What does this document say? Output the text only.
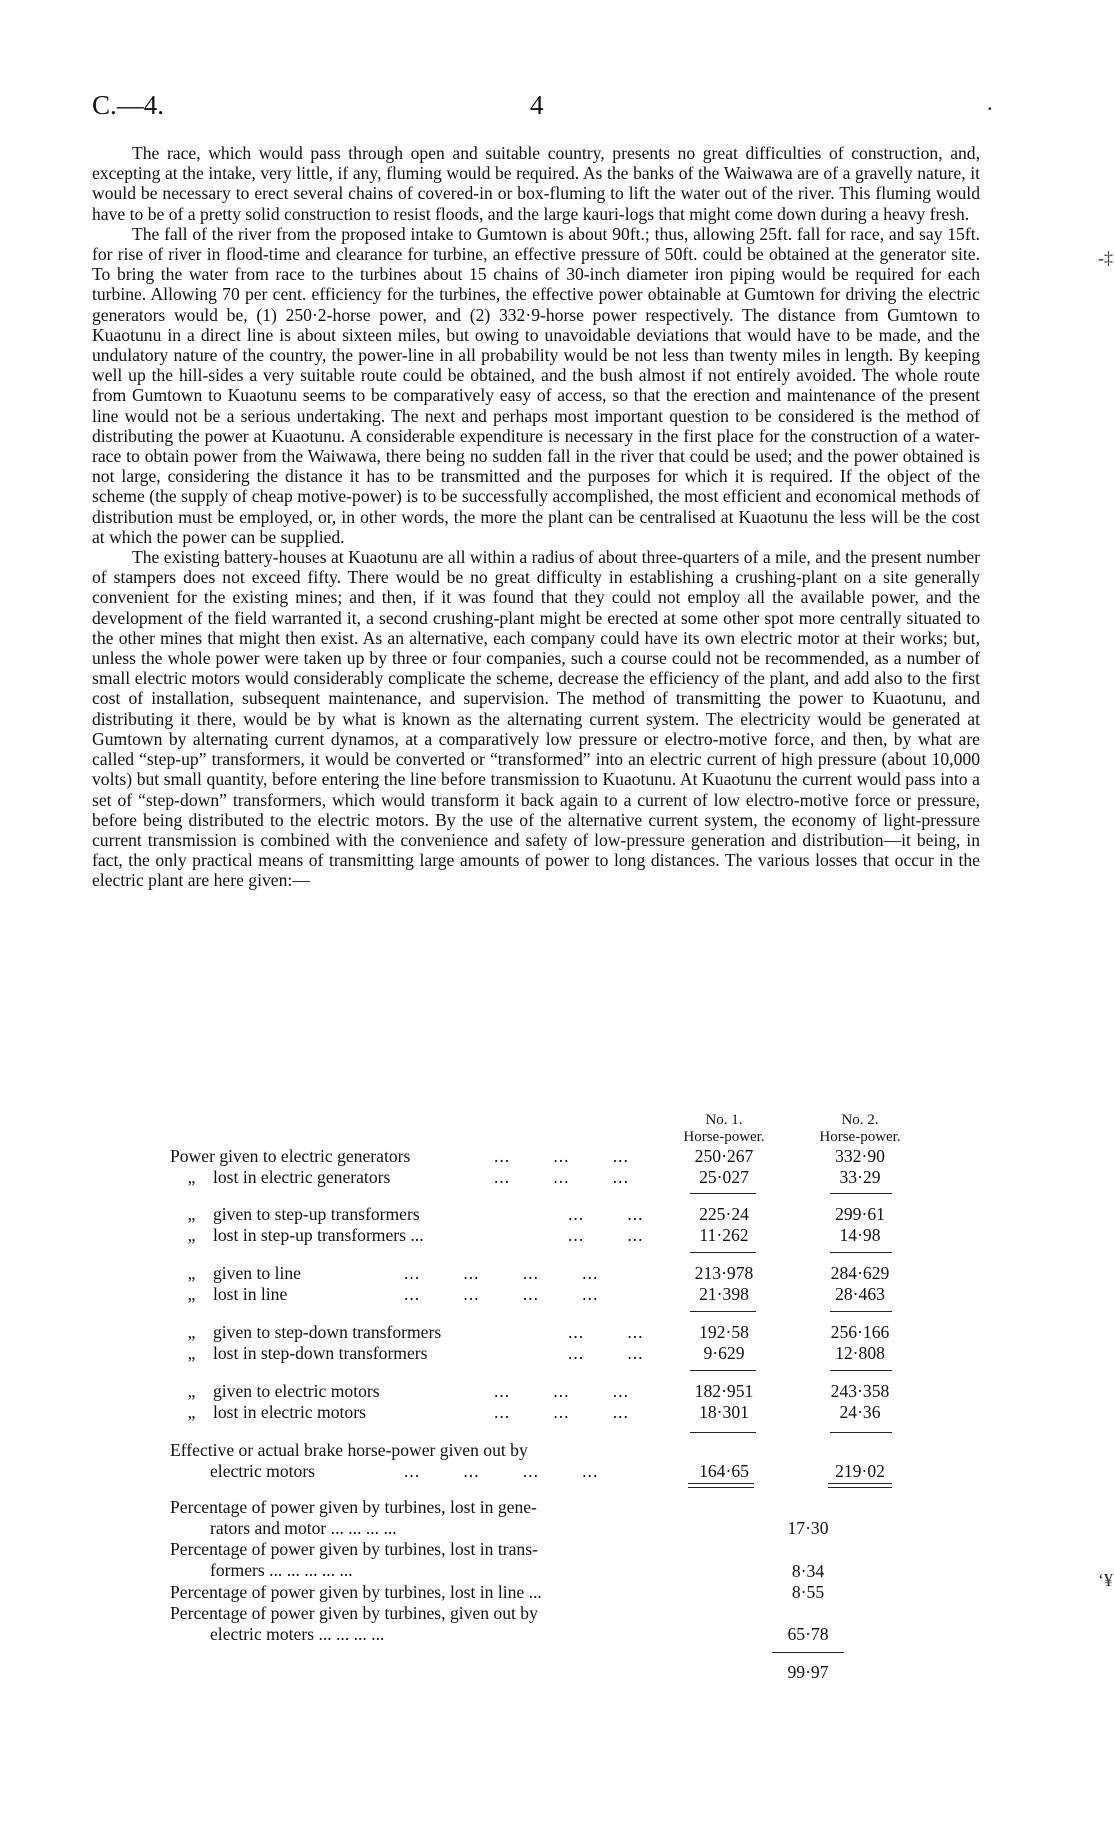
C.—4.	4	.

The race, which would pass through open and suitable country, presents no great difficulties of construction, and, excepting at the intake, very little, if any, fluming would be required. As the banks of the Waiwawa are of a gravelly nature, it would be necessary to erect several chains of covered-in or box-fluming to lift the water out of the river. This fluming would have to be of a pretty solid construction to resist floods, and the large kauri-logs that might come down during a heavy fresh.

The fall of the river from the proposed intake to Gumtown is about 90ft.; thus, allowing 25ft. fall for race, and say 15ft. for rise of river in flood-time and clearance for turbine, an effective pressure of 50ft. could be obtained at the generator site. To bring the water from race to the turbines about 15 chains of 30-inch diameter iron piping would be required for each turbine. Allowing 70 per cent. efficiency for the turbines, the effective power obtainable at Gumtown for driving the electric generators would be, (1) 250·2-horse power, and (2) 332·9-horse power respectively. The distance from Gumtown to Kuaotunu in a direct line is about sixteen miles, but owing to unavoidable deviations that would have to be made, and the undulatory nature of the country, the power-line in all probability would be not less than twenty miles in length. By keeping well up the hill-sides a very suitable route could be obtained, and the bush almost if not entirely avoided. The whole route from Gumtown to Kuaotunu seems to be comparatively easy of access, so that the erection and maintenance of the present line would not be a serious undertaking. The next and perhaps most important question to be considered is the method of distributing the power at Kuaotunu. A considerable expenditure is necessary in the first place for the construction of a water-race to obtain power from the Waiwawa, there being no sudden fall in the river that could be used; and the power obtained is not large, considering the distance it has to be transmitted and the purposes for which it is required. If the object of the scheme (the supply of cheap motive-power) is to be successfully accomplished, the most efficient and economical methods of distribution must be employed, or, in other words, the more the plant can be centralised at Kuaotunu the less will be the cost at which the power can be supplied.

The existing battery-houses at Kuaotunu are all within a radius of about three-quarters of a mile, and the present number of stampers does not exceed fifty. There would be no great difficulty in establishing a crushing-plant on a site generally convenient for the existing mines; and then, if it was found that they could not employ all the available power, and the development of the field warranted it, a second crushing-plant might be erected at some other spot more centrally situated to the other mines that might then exist. As an alternative, each company could have its own electric motor at their works; but, unless the whole power were taken up by three or four companies, such a course could not be recommended, as a number of small electric motors would considerably complicate the scheme, decrease the efficiency of the plant, and add also to the first cost of installation, subsequent maintenance, and supervision. The method of transmitting the power to Kuaotunu, and distributing it there, would be by what is known as the alternating current system. The electricity would be generated at Gumtown by alternating current dynamos, at a comparatively low pressure or electro-motive force, and then, by what are called “step-up” transformers, it would be converted or “transformed” into an electric current of high pressure (about 10,000 volts) but small quantity, before entering the line before transmission to Kuaotunu. At Kuaotunu the current would pass into a set of “step-down” transformers, which would transform it back again to a current of low electro-motive force or pressure, before being distributed to the electric motors. By the use of the alternative current system, the economy of light-pressure current transmission is combined with the convenience and safety of low-pressure generation and distribution—it being, in fact, the only practical means of transmitting large amounts of power to long distances. The various losses that occur in the electric plant are here given:—

-‡
‘¥
No. 1.
Horse-power.
No. 2.
Horse-power.
Power given to electric generators	...        ...        ...	250·267	332·90
„    lost in electric generators	...        ...        ...	25·027	33·29
„    given to step-up transformers	...        ...	225·24	299·61
„    lost in step-up transformers ...	...        ...	11·262	14·98
„    given to line	...        ...        ...        ...	213·978	284·629
„    lost in line	...        ...        ...        ...	21·398	28·463
„    given to step-down transformers	...        ...	192·58	256·166
„    lost in step-down transformers	...        ...	9·629	12·808
„    given to electric motors	...        ...        ...	182·951	243·358
„    lost in electric motors	...        ...        ...	18·301	24·36
Effective or actual brake horse-power given out by
electric motors	...        ...        ...        ...	164·65	219·02
Percentage of power given by turbines, lost in gene-
rators and motor ... ... ... ...	17·30
Percentage of power given by turbines, lost in trans-
formers ... ... ... ... ...	8·34
Percentage of power given by turbines, lost in line ...	8·55
Percentage of power given by turbines, given out by
electric moters ... ... ... ...	65·78
99·97
